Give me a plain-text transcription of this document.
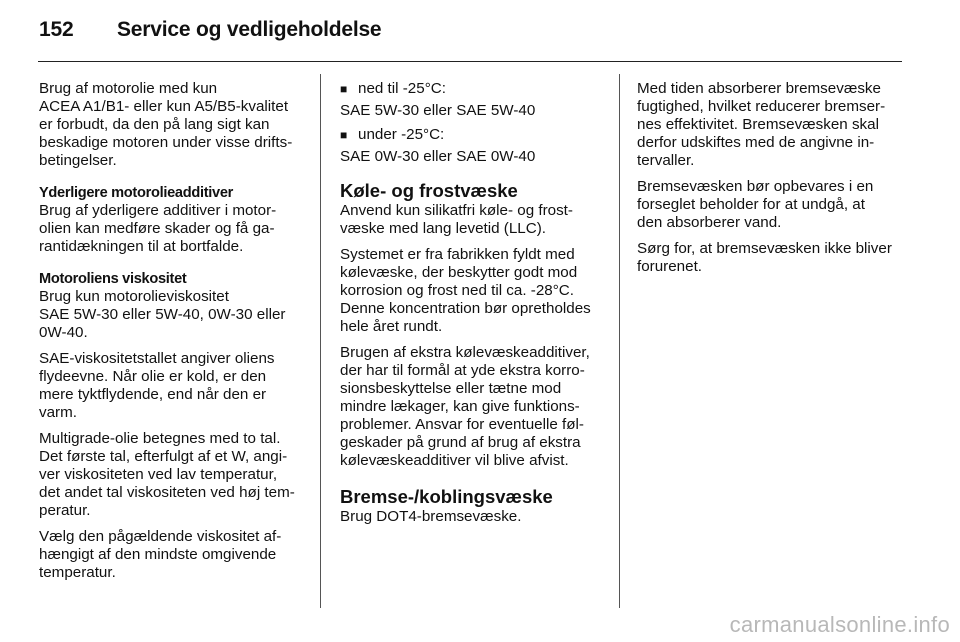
152 Service og vedligeholdelse

Brug af motorolie med kun
ACEA A1/B1- eller kun A5/B5-kvalitet
er forbudt, da den på lang sigt kan
beskadige motoren under visse drifts-
betingelser.

Yderligere motorolieadditiver
Brug af yderligere additiver i motor-
olien kan medføre skader og få ga-
rantidækningen til at bortfalde.

Motoroliens viskositet
Brug kun motorolieviskositet
SAE 5W-30 eller 5W-40, 0W-30 eller
0W-40.

SAE-viskositetstallet angiver oliens
flydeevne. Når olie er kold, er den
mere tyktflydende, end når den er
varm.

Multigrade-olie betegnes med to tal.
Det første tal, efterfulgt af et W, angi-
ver viskositeten ved lav temperatur,
det andet tal viskositeten ved høj tem-
peratur.

Vælg den pågældende viskositet af-
hængigt af den mindste omgivende
temperatur.

■ ned til -25°C:
SAE 5W-30 eller SAE 5W-40
■ under -25°C:
SAE 0W-30 eller SAE 0W-40
Køle- og frostvæske

Anvend kun silikatfri køle- og frost-
væske med lang levetid (LLC).

Systemet er fra fabrikken fyldt med
kølevæske, der beskytter godt mod
korrosion og frost ned til ca. -28°C.
Denne koncentration bør opretholdes
hele året rundt.

Brugen af ekstra kølevæskeadditiver,
der har til formål at yde ekstra korro-
sionsbeskyttelse eller tætne mod
mindre lækager, kan give funktions-
problemer. Ansvar for eventuelle føl-
geskader på grund af brug af ekstra
kølevæskeadditiver vil blive afvist.

Bremse-/koblingsvæske

Brug DOT4-bremsevæske.

Med tiden absorberer bremsevæske
fugtighed, hvilket reducerer bremser-
nes effektivitet. Bremsevæsken skal
derfor udskiftes med de angivne in-
tervaller.

Bremsevæsken bør opbevares i en
forseglet beholder for at undgå, at
den absorberer vand.

Sørg for, at bremsevæsken ikke bliver
forurenet.

carmanualsonline.info
